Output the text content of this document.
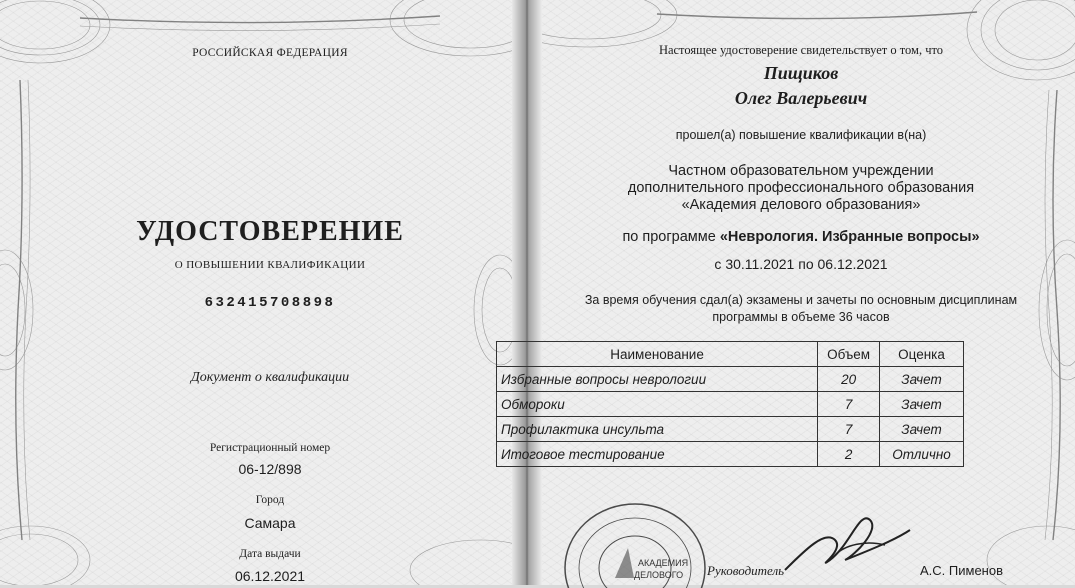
РОССИЙСКАЯ ФЕДЕРАЦИЯ
УДОСТОВЕРЕНИЕ
О ПОВЫШЕНИИ КВАЛИФИКАЦИИ
632415708898
Документ о квалификации
Регистрационный номер
06-12/898
Город
Самара
Дата выдачи
06.12.2021
Настоящее удостоверение свидетельствует о том, что
Пищиков
Олег Валерьевич
прошел(а) повышение квалификации в(на)
Частном образовательном учреждении
дополнительного профессионального образования
«Академия делового образования»
по программе «Неврология. Избранные вопросы»
с 30.11.2021 по 06.12.2021
За время обучения сдал(а) экзамены и зачеты по основным дисциплинам
программы в объеме 36 часов
Наименование	Объем	Оценка
Избранные вопросы неврологии	20	Зачет
Обмороки	7	Зачет
Профилактика инсульта	7	Зачет
Итоговое тестирование	2	Отлично
АКАДЕМИЯ
ДЕЛОВОГО Руководитель	А.С. Пименов
